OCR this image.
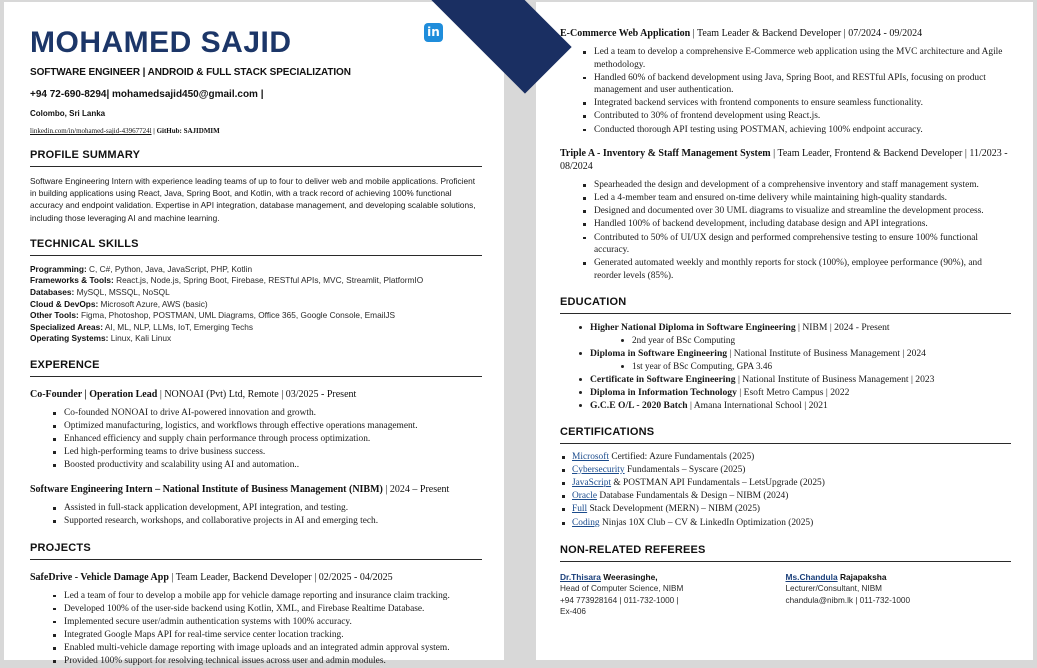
in
GitHub
MOHAMED SAJID
SOFTWARE ENGINEER | ANDROID & FULL STACK SPECIALIZATION
+94 72-690-8294| mohamedsajid450@gmail.com |
Colombo, Sri Lanka
linkedin.com/in/mohamed-sajid-43967724l | GitHub: SAJIDMIM
PROFILE SUMMARY
Software Engineering Intern with experience leading teams of up to four to deliver web and mobile applications. Proficient in building applications using React, Java, Spring Boot, and Kotlin, with a track record of achieving 100% functional accuracy and endpoint validation. Expertise in API integration, database management, and developing scalable solutions, including those leveraging AI and machine learning.
TECHNICAL SKILLS
Programming: C, C#, Python, Java, JavaScript, PHP, Kotlin
Frameworks & Tools: React.js, Node.js, Spring Boot, Firebase, RESTful APIs, MVC, Streamlit, PlatformIO
Databases: MySQL, MSSQL, NoSQL
Cloud & DevOps: Microsoft Azure, AWS (basic)
Other Tools: Figma, Photoshop, POSTMAN, UML Diagrams, Office 365, Google Console, EmailJS
Specialized Areas: AI, ML, NLP, LLMs, IoT, Emerging Techs
Operating Systems: Linux, Kali Linux
EXPERENCE
Co-Founder | Operation Lead | NONOAI (Pvt) Ltd, Remote | 03/2025 - Present
Co-founded NONOAI to drive AI-powered innovation and growth.
Optimized manufacturing, logistics, and workflows through effective operations management.
Enhanced efficiency and supply chain performance through process optimization.
Led high-performing teams to drive business success.
Boosted productivity and scalability using AI and automation..
Software Engineering Intern – National Institute of Business Management (NIBM) | 2024 – Present
Assisted in full-stack application development, API integration, and testing.
Supported research, workshops, and collaborative projects in AI and emerging tech.
PROJECTS
SafeDrive - Vehicle Damage App | Team Leader, Backend Developer | 02/2025 - 04/2025
Led a team of four to develop a mobile app for vehicle damage reporting and insurance claim tracking.
Developed 100% of the user-side backend using Kotlin, XML, and Firebase Realtime Database.
Implemented secure user/admin authentication systems with 100% accuracy.
Integrated Google Maps API for real-time service center location tracking.
Enabled multi-vehicle damage reporting with image uploads and an integrated admin approval system.
Provided 100% support for resolving technical issues across user and admin modules.
E-Commerce Web Application | Team Leader & Backend Developer | 07/2024 - 09/2024
Led a team to develop a comprehensive E-Commerce web application using the MVC architecture and Agile methodology.
Handled 60% of backend development using Java, Spring Boot, and RESTful APIs, focusing on product management and user authentication.
Integrated backend services with frontend components to ensure seamless functionality.
Contributed to 30% of frontend development using React.js.
Conducted thorough API testing using POSTMAN, achieving 100% endpoint accuracy.
Triple A - Inventory & Staff Management System | Team Leader, Frontend & Backend Developer | 11/2023 - 08/2024
Spearheaded the design and development of a comprehensive inventory and staff management system.
Led a 4-member team and ensured on-time delivery while maintaining high-quality standards.
Designed and documented over 30 UML diagrams to visualize and streamline the development process.
Handled 100% of backend development, including database design and API integrations.
Contributed to 50% of UI/UX design and performed comprehensive testing to ensure 100% functional accuracy.
Generated automated weekly and monthly reports for stock (100%), employee performance (90%), and reorder levels (85%).
EDUCATION
Higher National Diploma in Software Engineering | NIBM | 2024 - Present
2nd year of BSc Computing
Diploma in Software Engineering | National Institute of Business Management | 2024
1st year of BSc Computing, GPA 3.46
Certificate in Software Engineering | National Institute of Business Management | 2023
Diploma in Information Technology | Esoft Metro Campus | 2022
G.C.E O/L - 2020 Batch | Amana International School | 2021
CERTIFICATIONS
Microsoft Certified: Azure Fundamentals (2025)
Cybersecurity Fundamentals – Syscare (2025)
JavaScript & POSTMAN API Fundamentals – LetsUpgrade (2025)
Oracle Database Fundamentals & Design – NIBM (2024)
Full Stack Development (MERN) – NIBM (2025)
Coding Ninjas 10X Club – CV & LinkedIn Optimization (2025)
NON-RELATED REFEREES
Dr.Thisara Weerasinghe,
Head of Computer Science, NIBM
+94 773928164 | 011-732-1000 |
Ex-406
Ms.Chandula Rajapaksha
Lecturer/Consultant, NIBM
chandula@nibm.lk | 011-732-1000
